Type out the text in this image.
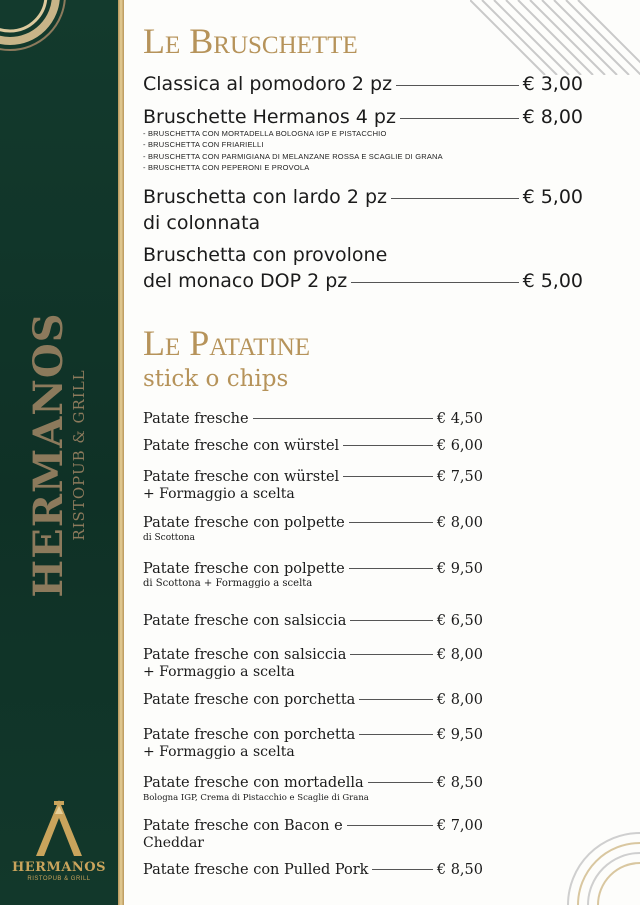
HERMANOS
RISTOPUB & GRILL
HERMANOS
RISTOPUB & GRILL
Le Bruschette
Classica al pomodoro 2 pz	€ 3,00
Bruschette Hermanos 4 pz	€ 8,00
- BRUSCHETTA CON MORTADELLA BOLOGNA IGP E PISTACCHIO
- BRUSCHETTA CON FRIARIELLI
- BRUSCHETTA CON PARMIGIANA DI MELANZANE ROSSA E SCAGLIE DI GRANA
- BRUSCHETTA CON PEPERONI E PROVOLA
Bruschetta con lardo 2 pz	€ 5,00
di colonnata
Bruschetta con provolone
del monaco DOP 2 pz	€ 5,00
Le Patatine
stick o chips
Patate fresche	€ 4,50
Patate fresche con würstel	€ 6,00
Patate fresche con würstel	€ 7,50
+ Formaggio a scelta
Patate fresche con polpette	€ 8,00
di Scottona
Patate fresche con polpette	€ 9,50
di Scottona + Formaggio a scelta
Patate fresche con salsiccia	€ 6,50
Patate fresche con salsiccia	€ 8,00
+ Formaggio a scelta
Patate fresche con porchetta	€ 8,00
Patate fresche con porchetta	€ 9,50
+ Formaggio a scelta
Patate fresche con mortadella	€ 8,50
Bologna IGP, Crema di Pistacchio e Scaglie di Grana
Patate fresche con Bacon e	€ 7,00
Cheddar
Patate fresche con Pulled Pork	€ 8,50
